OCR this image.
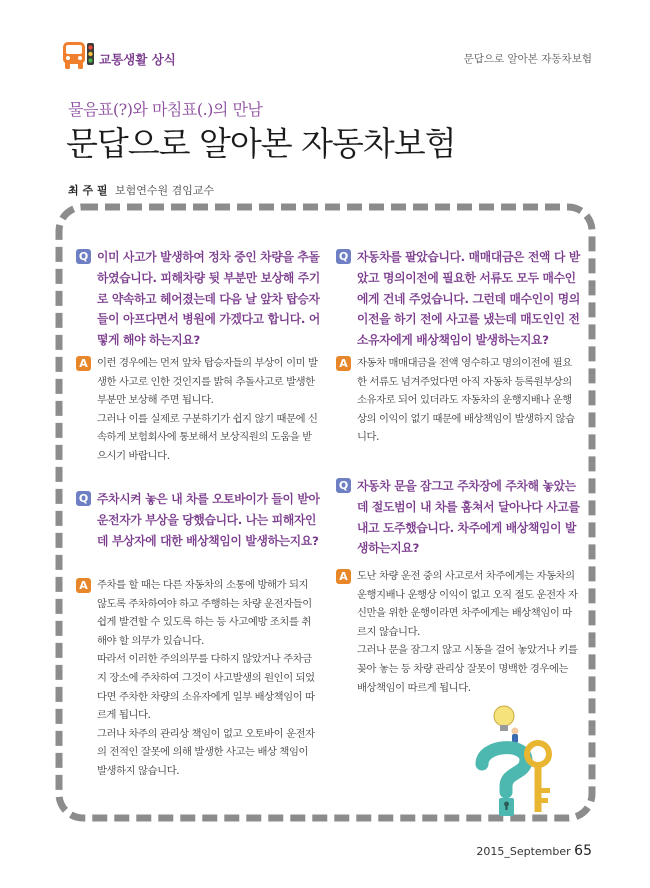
교통생활 상식	문답으로 알아본 자동차보험
물음표(?)와 마침표(.)의 만남
문답으로 알아본 자동차보험
최 주 필 보험연수원 겸임교수
Q 이미 사고가 발생하여 정차 중인 차량을 추돌하였습니다. 피해차량 뒷 부분만 보상해 주기로 약속하고 헤어졌는데 다음 날 앞차 탑승자들이 아프다면서 병원에 가겠다고 합니다. 어떻게 해야 하는지요?
A 이런 경우에는 먼저 앞차 탑승자들의 부상이 이미 발생한 사고로 인한 것인지를 밝혀 추돌사고로 발생한 부분만 보상해 주면 됩니다.

그러나 이를 실제로 구분하기가 쉽지 않기 때문에 신속하게 보험회사에 통보해서 보상직원의 도움을 받으시기 바랍니다.

Q 주차시켜 놓은 내 차를 오토바이가 들이 받아 운전자가 부상을 당했습니다. 나는 피해자인데 부상자에 대한 배상책임이 발생하는지요?
A 주차를 할 때는 다른 자동차의 소통에 방해가 되지 않도록 주차하여야 하고 주행하는 차량 운전자들이 쉽게 발견할 수 있도록 하는 등 사고예방 조치를 취해야 할 의무가 있습니다.

따라서 이러한 주의의무를 다하지 않았거나 주차금지 장소에 주차하여 그것이 사고발생의 원인이 되었다면 주차한 차량의 소유자에게 일부 배상책임이 따르게 됩니다.

그러나 차주의 관리상 책임이 없고 오토바이 운전자의 전적인 잘못에 의해 발생한 사고는 배상 책임이 발생하지 않습니다.

Q 자동차를 팔았습니다. 매매대금은 전액 다 받았고 명의이전에 필요한 서류도 모두 매수인에게 건네 주었습니다. 그런데 매수인이 명의이전을 하기 전에 사고를 냈는데 매도인인 전 소유자에게 배상책임이 발생하는지요?
A 자동차 매매대금을 전액 영수하고 명의이전에 필요한 서류도 넘겨주었다면 아직 자동차 등록원부상의 소유자로 되어 있더라도 자동차의 운행지배나 운행상의 이익이 없기 때문에 배상책임이 발생하지 않습니다.

Q 자동차 문을 잠그고 주차장에 주차해 놓았는데 절도범이 내 차를 훔쳐서 달아나다 사고를 내고 도주했습니다. 차주에게 배상책임이 발생하는지요?
A 도난 차량 운전 중의 사고로서 차주에게는 자동차의 운행지배나 운행상 이익이 없고 오직 절도 운전자 자신만을 위한 운행이라면 차주에게는 배상책임이 따르지 않습니다.

그러나 문을 잠그지 않고 시동을 걸어 놓았거나 키를 꽂아 놓는 등 차량 관리상 잘못이 명백한 경우에는 배상책임이 따르게 됩니다.

2015_September 65
